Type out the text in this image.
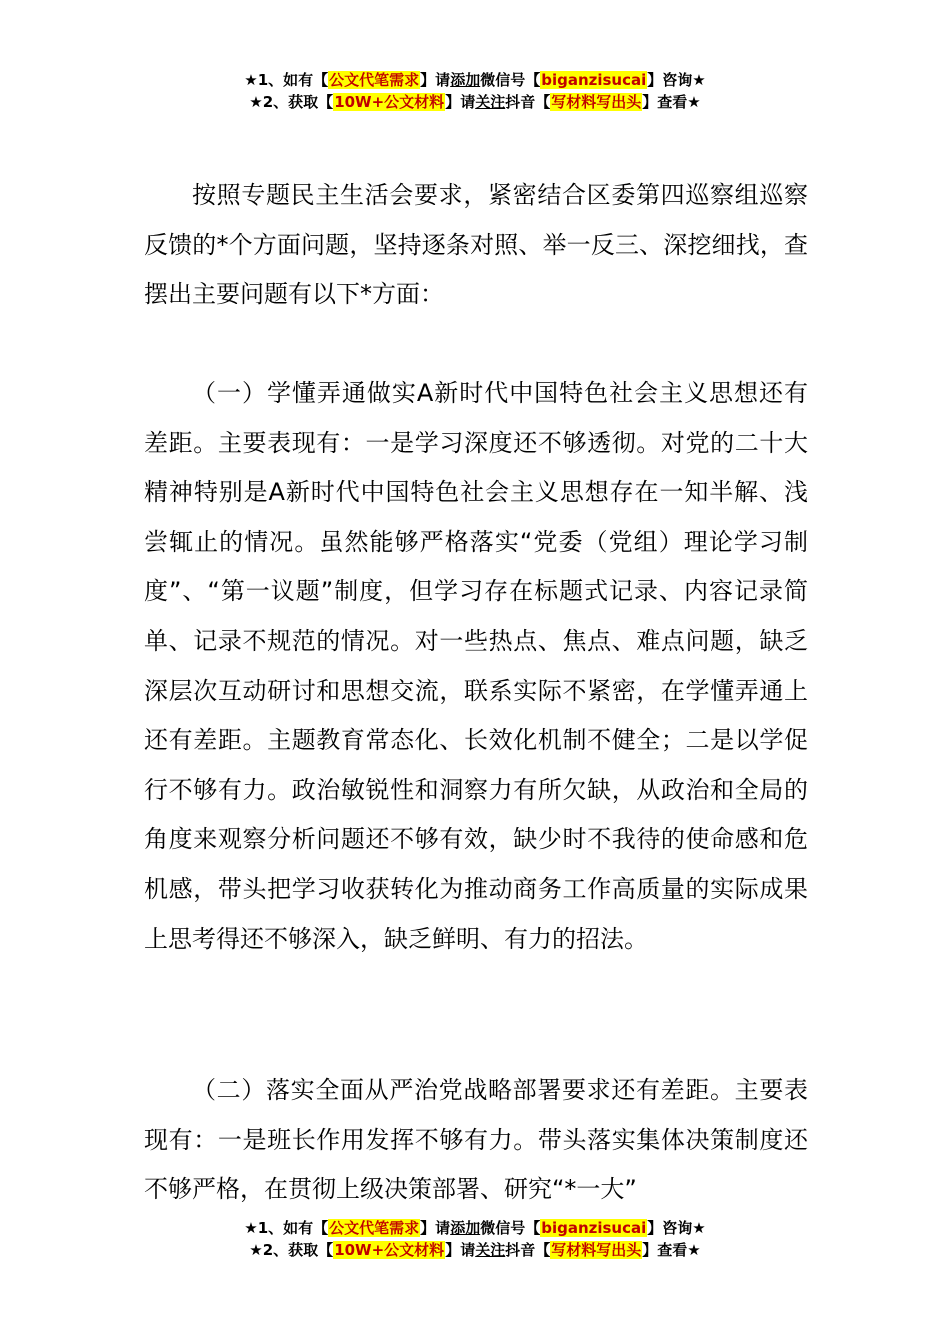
★1、如有【公文代笔需求】请添加微信号【biganzisucai】咨询★
★2、获取【10W+公文材料】请关注抖音【写材料写出头】查看★

按照专题民主生活会要求，紧密结合区委第四巡察组巡察反馈的*个方面问题，坚持逐条对照、举一反三、深挖细找，查摆出主要问题有以下*方面：

（一）学懂弄通做实A新时代中国特色社会主义思想还有差距。主要表现有：一是学习深度还不够透彻。对党的二十大精神特别是A新时代中国特色社会主义思想存在一知半解、浅尝辄止的情况。虽然能够严格落实“党委（党组）理论学习制度”、“第一议题”制度，但学习存在标题式记录、内容记录简单、记录不规范的情况。对一些热点、焦点、难点问题，缺乏深层次互动研讨和思想交流，联系实际不紧密，在学懂弄通上还有差距。主题教育常态化、长效化机制不健全；二是以学促行不够有力。政治敏锐性和洞察力有所欠缺，从政治和全局的角度来观察分析问题还不够有效，缺少时不我待的使命感和危机感，带头把学习收获转化为推动商务工作高质量的实际成果上思考得还不够深入，缺乏鲜明、有力的招法。

（二）落实全面从严治党战略部署要求还有差距。主要表现有：一是班长作用发挥不够有力。带头落实集体决策制度还不够严格，在贯彻上级决策部署、研究“*一大”

★1、如有【公文代笔需求】请添加微信号【biganzisucai】咨询★
★2、获取【10W+公文材料】请关注抖音【写材料写出头】查看★
